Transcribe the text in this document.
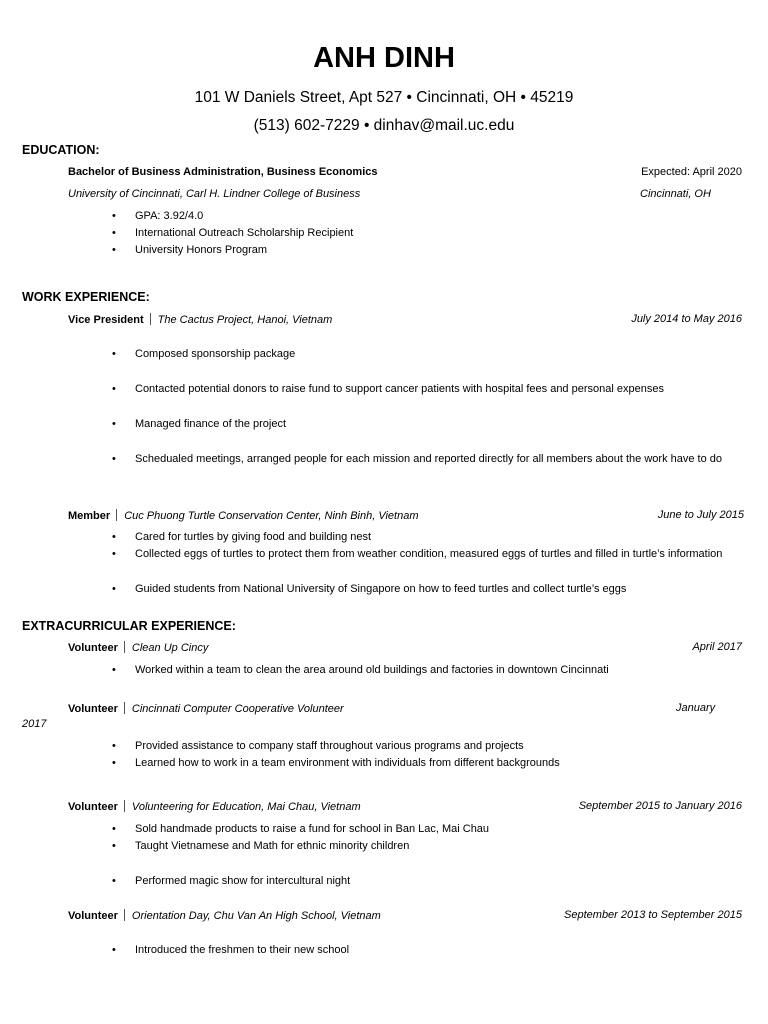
ANH DINH
101 W Daniels Street, Apt 527 • Cincinnati, OH • 45219
(513) 602-7229 • dinhav@mail.uc.edu
EDUCATION:
Bachelor of Business Administration, Business Economics	Expected: April 2020
University of Cincinnati, Carl H. Lindner College of Business	Cincinnati, OH
• GPA: 3.92/4.0
• International Outreach Scholarship Recipient
• University Honors Program
WORK EXPERIENCE:
Vice President The Cactus Project, Hanoi, Vietnam	July 2014 to May 2016
• Composed sponsorship package
• Contacted potential donors to raise fund to support cancer patients with hospital fees and personal expenses
• Managed finance of the project
• Schedualed meetings, arranged people for each mission and reported directly for all members about the work have to do
Member Cuc Phuong Turtle Conservation Center, Ninh Binh, Vietnam	June to July 2015
• Cared for turtles by giving food and building nest
• Collected eggs of turtles to protect them from weather condition, measured eggs of turtles and filled in turtle’s information
• Guided students from National University of Singapore on how to feed turtles and collect turtle’s eggs
EXTRACURRICULAR EXPERIENCE:
Volunteer Clean Up Cincy	April 2017
• Worked within a team to clean the area around old buildings and factories in downtown Cincinnati
Volunteer Cincinnati Computer Cooperative Volunteer	January
2017
• Provided assistance to company staff throughout various programs and projects
• Learned how to work in a team environment with individuals from different backgrounds
Volunteer Volunteering for Education, Mai Chau, Vietnam	September 2015 to January 2016
• Sold handmade products to raise a fund for school in Ban Lac, Mai Chau
• Taught Vietnamese and Math for ethnic minority children
• Performed magic show for intercultural night
Volunteer Orientation Day, Chu Van An High School, Vietnam	September 2013 to September 2015
• Introduced the freshmen to their new school
